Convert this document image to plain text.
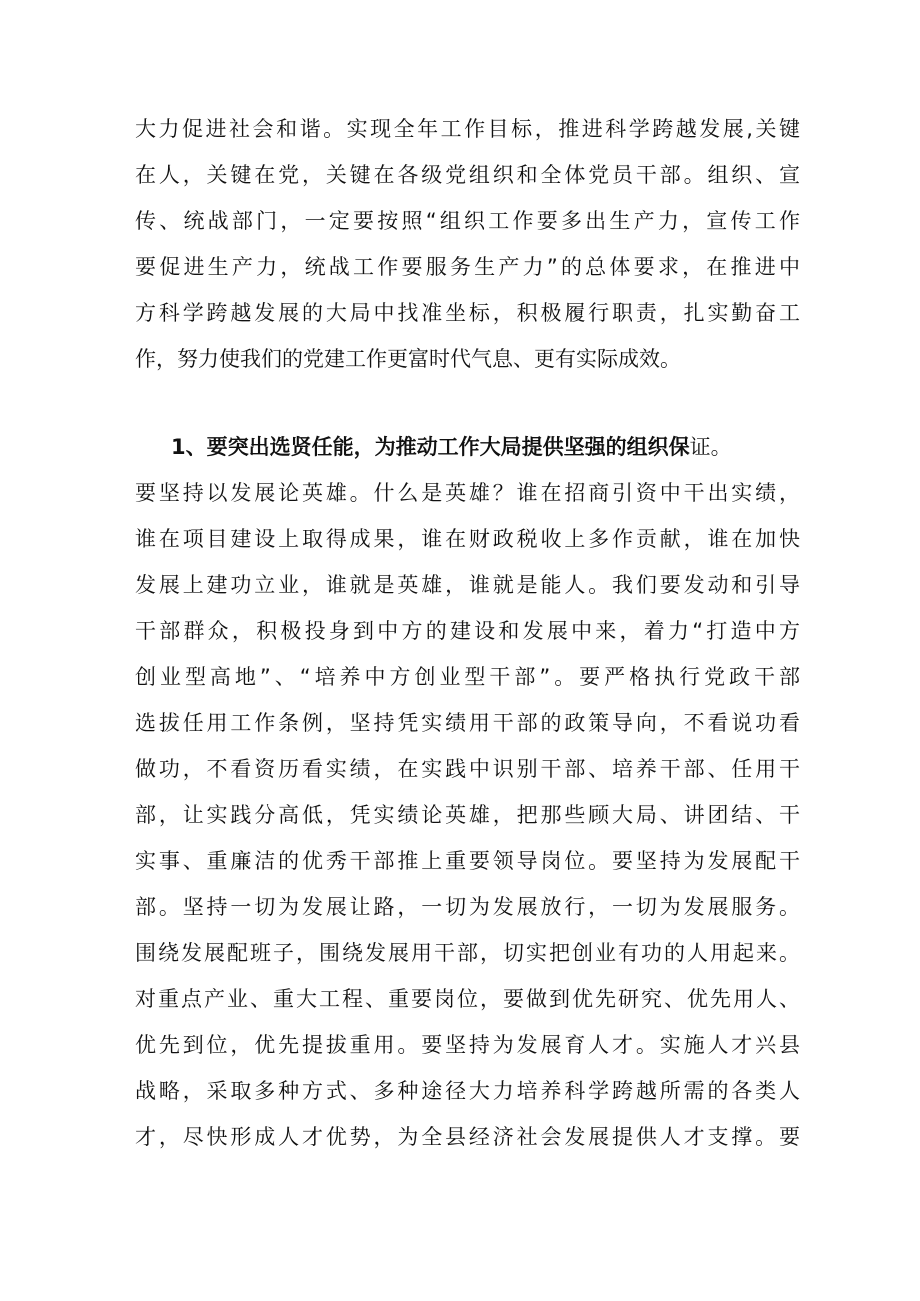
大力促进社会和谐。实现全年工作目标，推进科学跨越发展,关键
在人，关键在党，关键在各级党组织和全体党员干部。组织、宣
传、统战部门，一定要按照“组织工作要多出生产力，宣传工作
要促进生产力，统战工作要服务生产力”的总体要求，在推进中
方科学跨越发展的大局中找准坐标，积极履行职责，扎实勤奋工
作，努力使我们的党建工作更富时代气息、更有实际成效。
1、要突出选贤任能，为推动工作大局提供坚强的组织保证。
要坚持以发展论英雄。什么是英雄？谁在招商引资中干出实绩，
谁在项目建设上取得成果，谁在财政税收上多作贡献，谁在加快
发展上建功立业，谁就是英雄，谁就是能人。我们要发动和引导
干部群众，积极投身到中方的建设和发展中来，着力“打造中方
创业型高地”、“培养中方创业型干部”。要严格执行党政干部
选拔任用工作条例，坚持凭实绩用干部的政策导向，不看说功看
做功，不看资历看实绩，在实践中识别干部、培养干部、任用干
部，让实践分高低，凭实绩论英雄，把那些顾大局、讲团结、干
实事、重廉洁的优秀干部推上重要领导岗位。要坚持为发展配干
部。坚持一切为发展让路，一切为发展放行，一切为发展服务。
围绕发展配班子，围绕发展用干部，切实把创业有功的人用起来。
对重点产业、重大工程、重要岗位，要做到优先研究、优先用人、
优先到位，优先提拔重用。要坚持为发展育人才。实施人才兴县
战略，采取多种方式、多种途径大力培养科学跨越所需的各类人
才，尽快形成人才优势，为全县经济社会发展提供人才支撑。要
